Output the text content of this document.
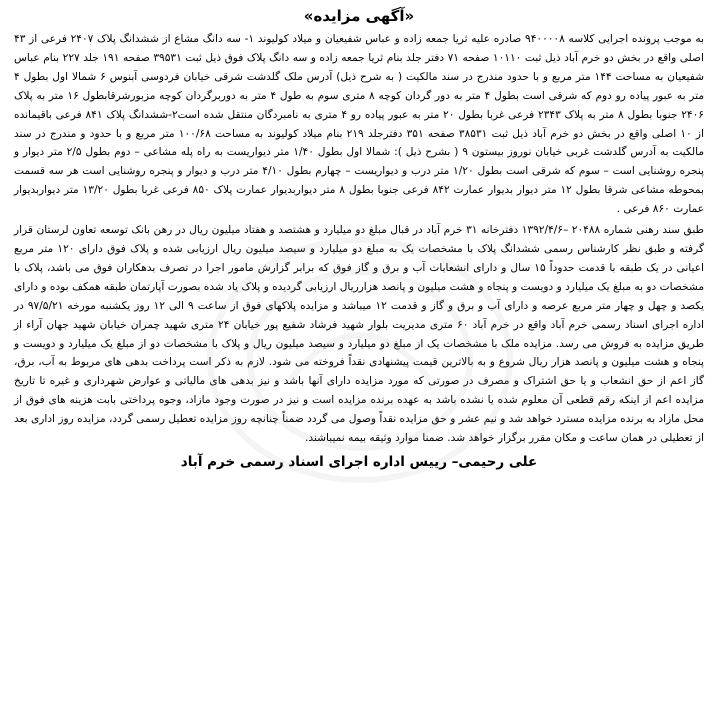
«آگهی مزایده»

به موجب پرونده اجرایی کلاسه ۹۴۰۰۰۰۸ صادره علیه ثریا جمعه زاده و عباس شفیعیان و میلاد کولیوند ۱- سه دانگ مشاع از ششدانگ پلاک ۲۴۰۷ فرعی از ۴۳ اصلی واقع در بخش دو خرم آباد ذیل ثبت ۱۰۱۱۰ صفحه ۷۱ دفتر جلد بنام ثریا جمعه زاده و سه دانگ پلاک فوق ذیل ثبت ۳۹۵۳۱ صفحه ۱۹۱ جلد ۲۲۷ بنام عباس شفیعیان به مساحت ۱۴۴ متر مربع و با حدود مندرج در سند مالکیت ( به شرح ذیل) آدرس ملک گلدشت شرقی خیابان فردوسی آبنوس ۶ شمالا اول بطول ۴ متر به عبور پیاده رو دوم که شرقی است بطول ۴ متر به دور گردان کوچه ۸ متری سوم به طول ۴ متر به دوربرگردان کوچه مزبورشرقابطول ۱۶ متر به پلاک ۲۴۰۶ جنوبا بطول ۸ متر به پلاک ۲۳۴۳ فرعی غربا بطول ۲۰ متر به عبور پیاده رو ۴ متری به نامبردگان منتقل شده است۲-ششدانگ پلاک ۸۴۱ فرعی باقیمانده از ۱۰ اصلی واقع در بخش دو خرم آباد ذیل ثبت ۳۸۵۳۱ صفحه ۳۵۱ دفترجلد ۲۱۹ بنام میلاد کولیوند به مساحت ۱۰۰/۶۸ متر مربع و با حدود و مندرج در سند مالکیت به آدرس گلدشت غربی خیابان نوروز بیستون ۹ ( بشرح ذیل ): شمالا اول بطول ۱/۴۰ متر دیواریست به راه پله مشاعی – دوم بطول ۲/۵ متر دیوار و پنجره روشنایی است – سوم که شرقی است بطول ۱/۲۰ متر درب و دیواریست – چهارم بطول ۴/۱۰ متر درب و دیوار و پنجره روشنایی است هر سه قسمت بمحوطه مشاعی شرقا بطول ۱۲ متر دیوار بدیوار عمارت ۸۴۲ فرعی جنوبا بطول ۸ متر دیواربدیوار عمارت پلاک ۸۵۰ فرعی غربا بطول ۱۳/۲۰ متر دیواربدیوار عمارت ۸۶۰ فرعی .

طبق سند رهنی شماره ۲۰۴۸۸ –۱۳۹۲/۴/۶ دفترخانه ۳۱ خرم آباد در قبال مبلغ دو میلیارد و هشتصد و هفتاد میلیون ریال در رهن بانک توسعه تعاون لرستان قرار گرفته و طبق نظر کارشناس رسمی ششدانگ پلاک با مشخصات یک به مبلغ دو میلیارد و سیصد میلیون ریال ارزیابی شده و پلاک فوق دارای ۱۲۰ متر مربع اعیانی در یک طبقه با قدمت حدوداً ۱۵ سال و دارای انشعابات آب و برق و گاز فوق که برابر گزارش مامور اجرا در تصرف بدهکاران فوق می باشد، پلاک با مشخصات دو به مبلغ یک میلیارد و دویست و پنجاه و هشت میلیون و پانصد هزارریال ارزیابی گردیده و پلاک یاد شده بصورت آپارتمان طبقه همکف بوده و دارای یکصد و چهل و چهار متر مربع عرصه و دارای آب و برق و گاز و قدمت ۱۲ میباشد و مزایده پلاکهای فوق از ساعت ۹ الی ۱۲ روز یکشنبه مورخه ۹۷/۵/۲۱ در اداره اجرای اسناد رسمی خرم آباد واقع در خرم آباد ۶۰ متری مدیریت بلوار شهید فرشاد شفیع پور خیابان ۲۴ متری شهید چمران خیابان شهید جهان آراء از طریق مزایده به فروش می رسد. مزایده ملک با مشخصات یک از مبلغ دو میلیارد و سیصد میلیون ریال و پلاک با مشخصات دو از مبلغ یک میلیارد و دویست و پنجاه و هشت میلیون و پانصد هزار ریال شروع و به بالاترین قیمت پیشنهادی نقداً فروخته می شود. لازم به ذکر است پرداخت بدهی های مربوط به آب، برق، گاز اعم از حق انشعاب و یا حق اشتراک و مصرف در صورتی که مورد مزایده دارای آنها باشد و نیز بدهی های مالیاتی و عوارض شهرداری و غیره تا تاریخ مزایده اعم از اینکه رقم قطعی آن معلوم شده یا نشده باشد به عهده برنده مزایده است و نیز در صورت وجود مازاد، وجوه پرداختی بابت هزینه های فوق از محل مازاد به برنده مزایده مسترد خواهد شد و نیم عشر و حق مزایده نقداً وصول می گردد ضمناً چنانچه روز مزایده تعطیل رسمی گردد، مزایده روز اداری بعد از تعطیلی در همان ساعت و مکان مقرر برگزار خواهد شد. ضمنا موارد وثیقه بیمه نمیباشند.

علی رحیمی– رییس اداره اجرای اسناد رسمی خرم آباد
